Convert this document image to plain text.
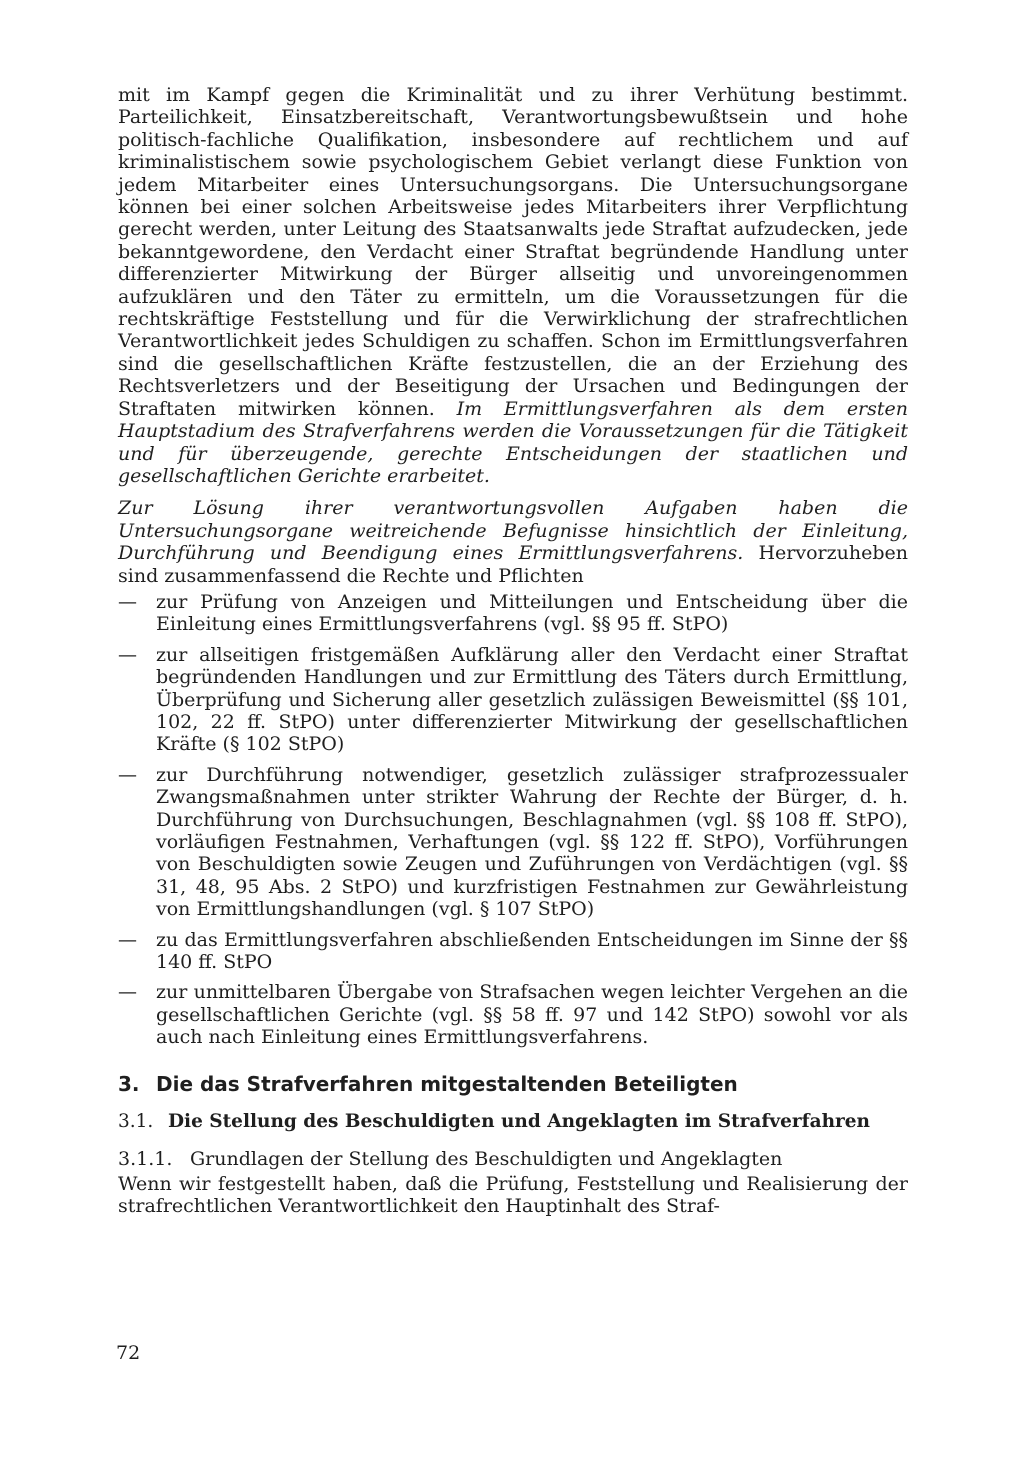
mit im Kampf gegen die Kriminalität und zu ihrer Verhütung bestimmt. Parteilichkeit, Einsatzbereitschaft, Verantwortungsbewußtsein und hohe politisch-fachliche Qualifikation, insbesondere auf rechtlichem und auf kriminalistischem sowie psychologischem Gebiet verlangt diese Funktion von jedem Mitarbeiter eines Untersuchungsorgans. Die Untersuchungsorgane können bei einer solchen Arbeitsweise jedes Mitarbeiters ihrer Verpflichtung gerecht werden, unter Leitung des Staatsanwalts jede Straftat aufzudecken, jede bekanntgewordene, den Verdacht einer Straftat begründende Handlung unter differenzierter Mitwirkung der Bürger allseitig und unvoreingenommen aufzuklären und den Täter zu ermitteln, um die Voraussetzungen für die rechtskräftige Feststellung und für die Verwirklichung der strafrechtlichen Verantwortlichkeit jedes Schuldigen zu schaffen. Schon im Ermittlungsverfahren sind die gesellschaftlichen Kräfte festzustellen, die an der Erziehung des Rechtsverletzers und der Beseitigung der Ursachen und Bedingungen der Straftaten mitwirken können. Im Ermittlungsverfahren als dem ersten Hauptstadium des Strafverfahrens werden die Voraussetzungen für die Tätigkeit und für überzeugende, gerechte Entscheidungen der staatlichen und gesellschaftlichen Gerichte erarbeitet.

Zur Lösung ihrer verantwortungsvollen Aufgaben haben die Untersuchungsorgane weitreichende Befugnisse hinsichtlich der Einleitung, Durchführung und Beendigung eines Ermittlungsverfahrens. Hervorzuheben sind zusammenfassend die Rechte und Pflichten

— zur Prüfung von Anzeigen und Mitteilungen und Entscheidung über die Einleitung eines Ermittlungsverfahrens (vgl. §§ 95 ff. StPO)
— zur allseitigen fristgemäßen Aufklärung aller den Verdacht einer Straftat begründenden Handlungen und zur Ermittlung des Täters durch Ermittlung, Überprüfung und Sicherung aller gesetzlich zulässigen Beweismittel (§§ 101, 102, 22 ff. StPO) unter differenzierter Mitwirkung der gesellschaftlichen Kräfte (§ 102 StPO)
— zur Durchführung notwendiger, gesetzlich zulässiger strafprozessualer Zwangsmaßnahmen unter strikter Wahrung der Rechte der Bürger, d. h. Durchführung von Durchsuchungen, Beschlagnahmen (vgl. §§ 108 ff. StPO), vorläufigen Festnahmen, Verhaftungen (vgl. §§ 122 ff. StPO), Vorführungen von Beschuldigten sowie Zeugen und Zuführungen von Verdächtigen (vgl. §§ 31, 48, 95 Abs. 2 StPO) und kurzfristigen Festnahmen zur Gewährleistung von Ermittlungshandlungen (vgl. § 107 StPO)
— zu das Ermittlungsverfahren abschließenden Entscheidungen im Sinne der §§ 140 ff. StPO
— zur unmittelbaren Übergabe von Strafsachen wegen leichter Vergehen an die gesellschaftlichen Gerichte (vgl. §§ 58 ff. 97 und 142 StPO) sowohl vor als auch nach Einleitung eines Ermittlungsverfahrens.
3. Die das Strafverfahren mitgestaltenden Beteiligten
3.1. Die Stellung des Beschuldigten und Angeklagten im Strafverfahren
3.1.1. Grundlagen der Stellung des Beschuldigten und Angeklagten

Wenn wir festgestellt haben, daß die Prüfung, Feststellung und Realisierung der strafrechtlichen Verantwortlichkeit den Hauptinhalt des Straf-

72
